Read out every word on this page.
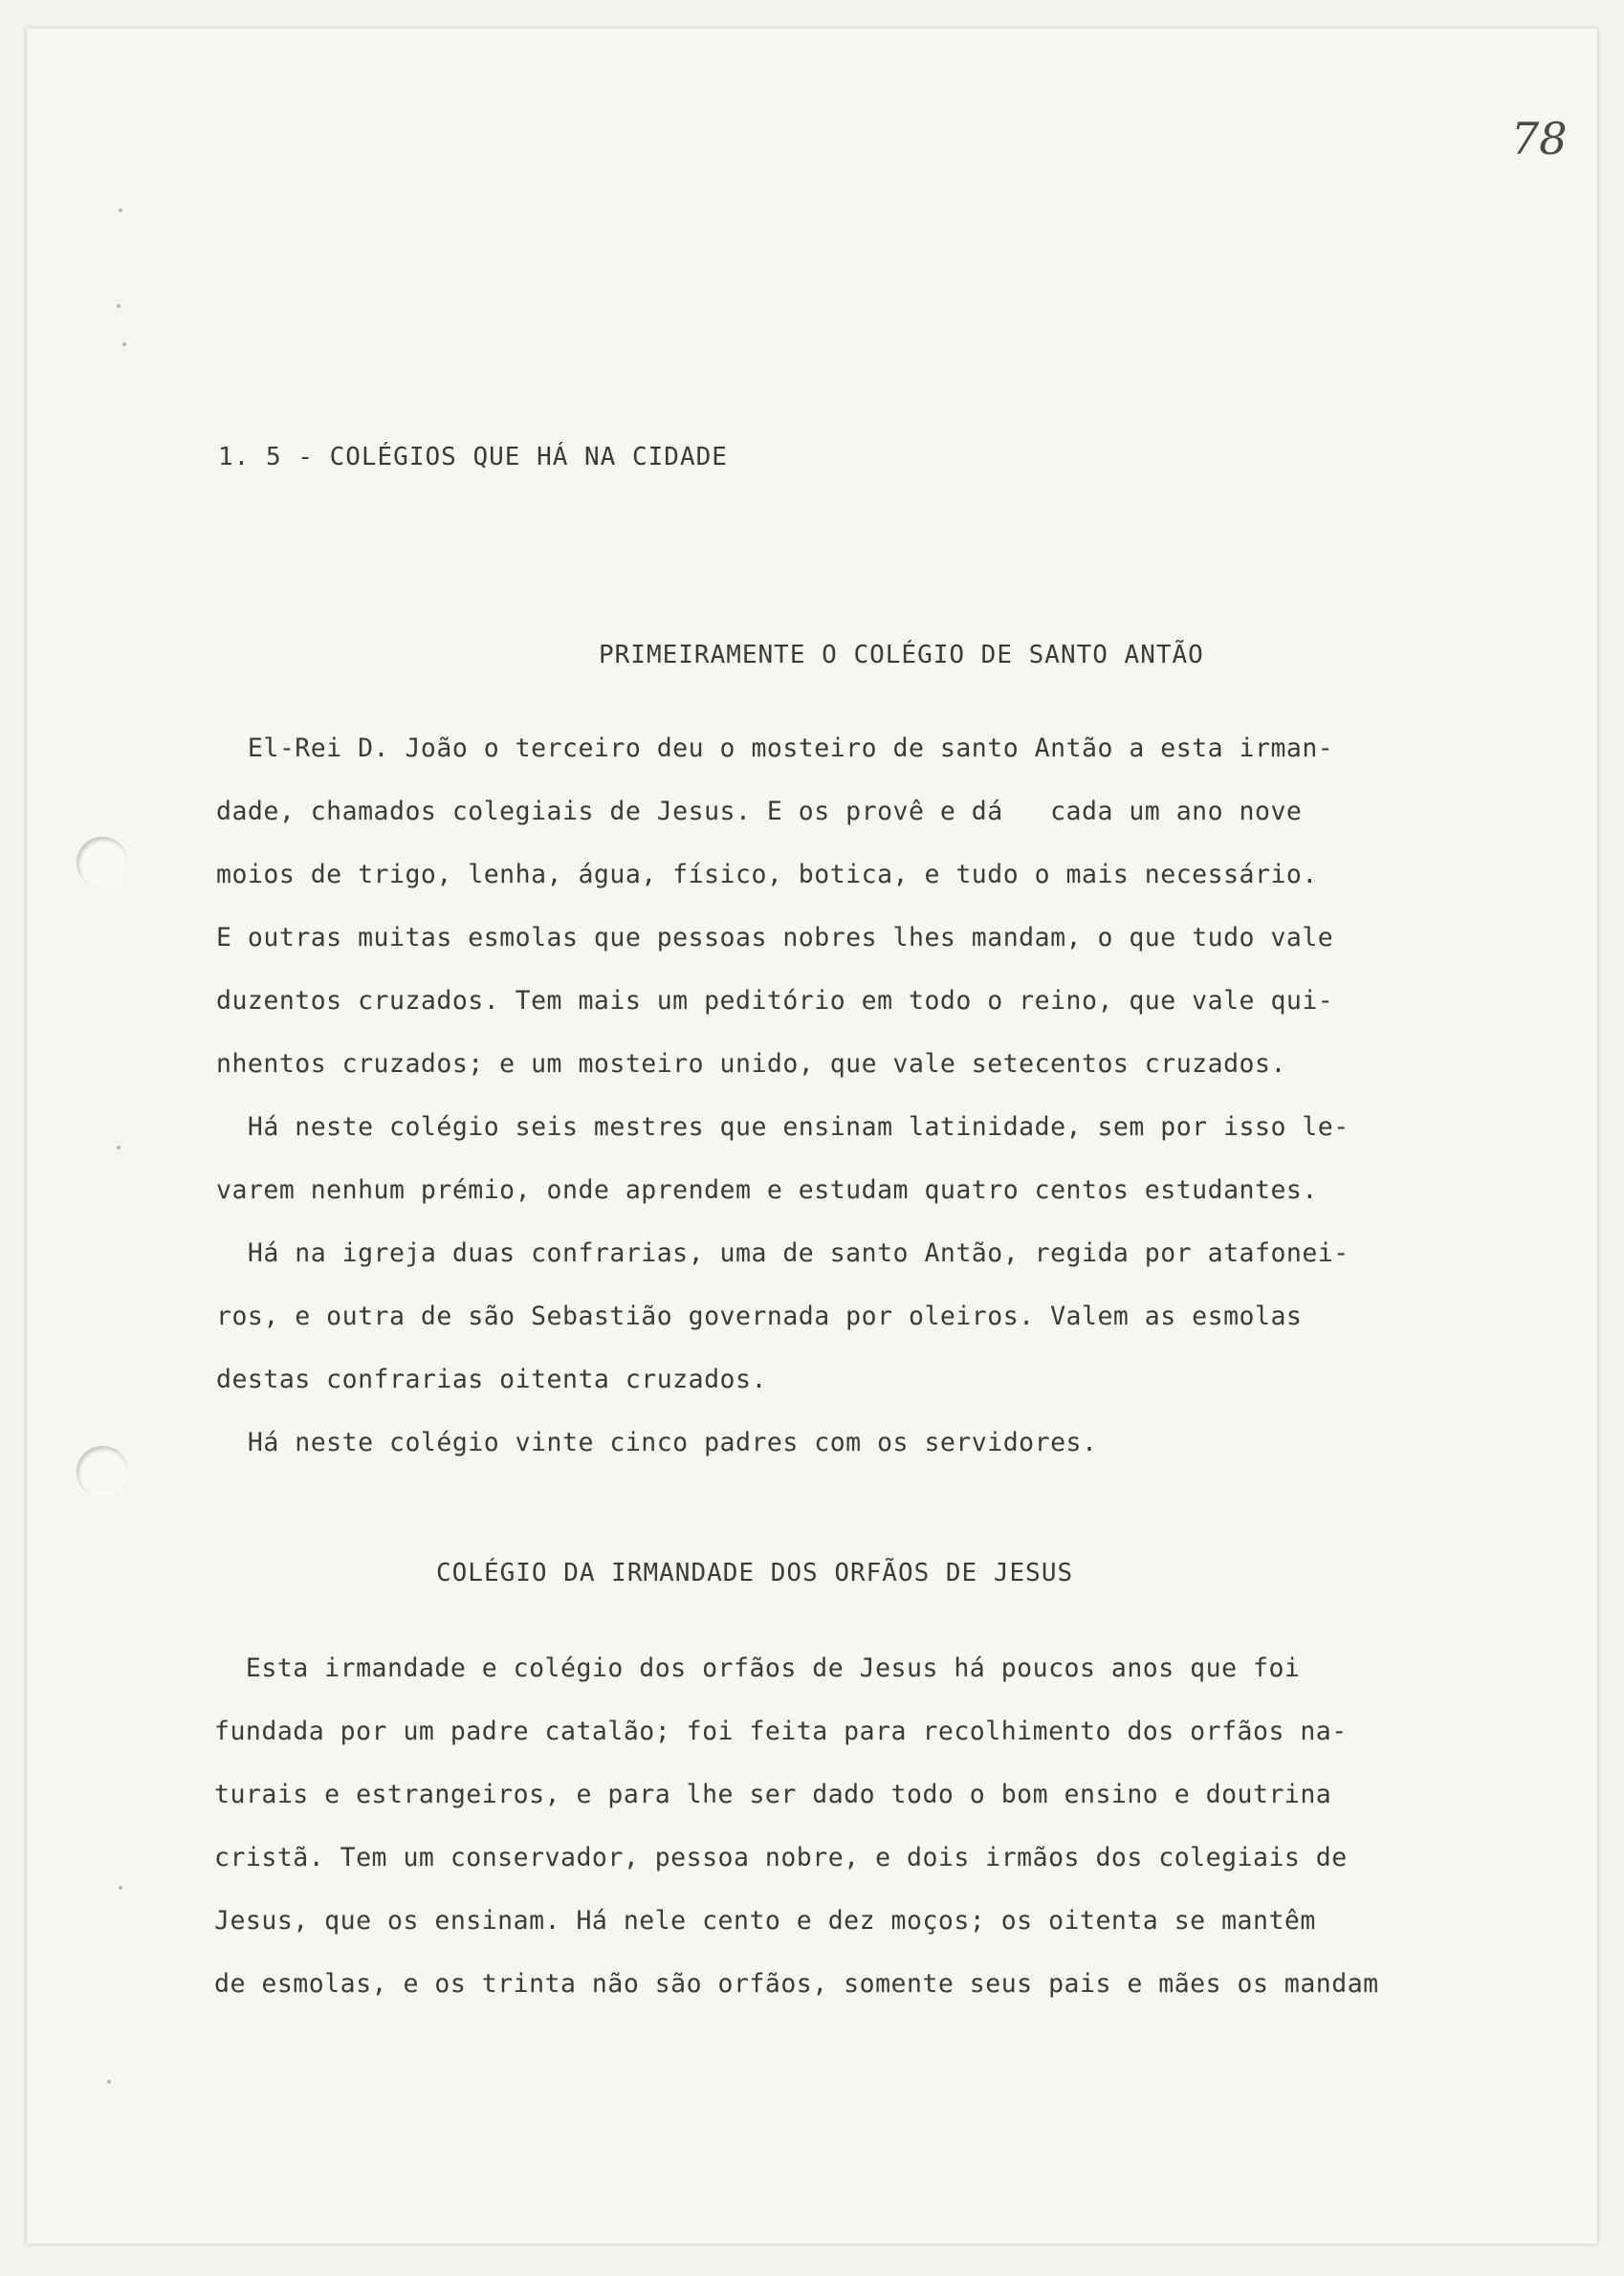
78
1. 5 - COLÉGIOS QUE HÁ NA CIDADE
PRIMEIRAMENTE O COLÉGIO DE SANTO ANTÃO
El-Rei D. João o terceiro deu o mosteiro de santo Antão a esta irman-
dade, chamados colegiais de Jesus. E os provê e dá   cada um ano nove
moios de trigo, lenha, água, físico, botica, e tudo o mais necessário.
E outras muitas esmolas que pessoas nobres lhes mandam, o que tudo vale
duzentos cruzados. Tem mais um peditório em todo o reino, que vale qui-
nhentos cruzados; e um mosteiro unido, que vale setecentos cruzados.
Há neste colégio seis mestres que ensinam latinidade, sem por isso le-
varem nenhum prémio, onde aprendem e estudam quatro centos estudantes.
Há na igreja duas confrarias, uma de santo Antão, regida por atafonei-
ros, e outra de são Sebastião governada por oleiros. Valem as esmolas
destas confrarias oitenta cruzados.
Há neste colégio vinte cinco padres com os servidores.
COLÉGIO DA IRMANDADE DOS ORFÃOS DE JESUS
Esta irmandade e colégio dos orfãos de Jesus há poucos anos que foi
fundada por um padre catalão; foi feita para recolhimento dos orfãos na-
turais e estrangeiros, e para lhe ser dado todo o bom ensino e doutrina
cristã. Tem um conservador, pessoa nobre, e dois irmãos dos colegiais de
Jesus, que os ensinam. Há nele cento e dez moços; os oitenta se mantêm
de esmolas, e os trinta não são orfãos, somente seus pais e mães os mandam
